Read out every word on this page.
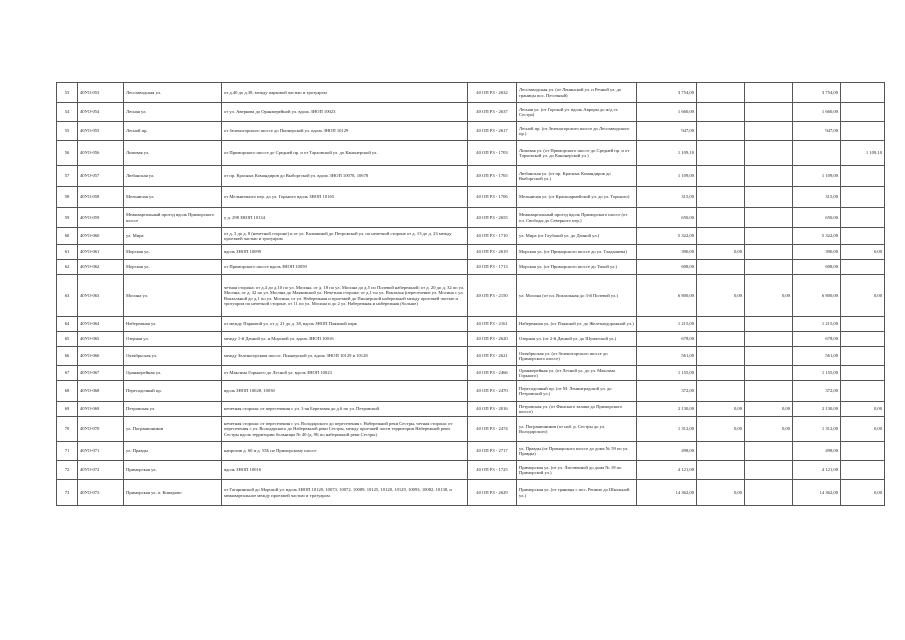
53	40УО-053	Лесозаводская ул.	от д.40 до д.38, между парковой частью и тротуаром	40 ОП РЗ - 2632	Лесозаводская ул. (от Ленинской ул. и Речной ул. до границы пос. Песочный)	3 754,00			3 754,00	
54	40УО-054	Лесная ул.	от ул. Аверкова до Оранжерейной ул. вдоль ЗНОП 10023	40 ОП РЗ - 2637	Лесная ул. (от Горской ул. вдоль Авроры до ж/д ст. Сестра)	1 660,00			1 660,00	
55	40УО-055	Лесной пр.	от Зеленогорского шоссе до Пионерской ул. вдоль ЗНОП 10129	40 ОП РЗ - 2617	Лесной пр. (от Зеленогорского шоссе до Лесозаводского пр.)	947,00			947,00	
56	40УО-056	Липовая ул.	от Приморского шоссе до Средней пр. и от Тарховской ул. до Канонерской ул.	40 ОП РЗ - 1703	Липовая ул. (от Приморского шоссе до Средней пр. и от Тарховской ул. до Канонерской ул.)	1 109,10				1 109,10
57	40УО-057	Любанская ул.	от пр. Красных Командиров до Выборгской ул. вдоль ЗНОП 10078, 10678	40 ОП РЗ - 1765	Любанская ул. (от пр. Красных Командиров до Выборгской ул.)	1 109,00			1 109,00	
58	40УО-058	Мельничая ул.	от Мельничного пер. до ул. Горького вдоль ЗНОП 10165	40 ОП РЗ - 1706	Мельничая ул. (от Красноармейской ул. до ул. Горького)	315,00			315,00	
59	40УО-059	Межквартальный проезд вдоль Приморского шоссе	у д. 298 ЗНОП 10134	40 ОП РЗ - 2655	Межквартальный проезд вдоль Приморского шоссе (от пл. Свободы до Северного пер.)	650,00			650,00	
60	40УО-060	ул. Мира	от д. 3 до д. 8 (нечетной стороне) и от ул. Калининой до Петровской ул. по нечетной стороне от д. 13 до д. 23 между проезжей частью и тротуаром	40 ОП РЗ - 1710	ул. Мира (от Глубокой ул. до Дачной ул.)	5 322,00			5 322,00	
61	40УО-061	Морская ул.	вдоль ЗНОП 10099	40 ОП РЗ - 2619	Морская ул. (от Приморского шоссе до ул. Гладышева)	390,00	0,00		390,00	0,00
62	40УО-062	Морская ул.	от Приморского шоссе вдоль ЗНОП 10059	40 ОП РЗ - 1713	Морская ул. (от Приморского шоссе до Тихой ул.)	608,00			608,00	
63	40УО-063	Мосина ул.	четная сторона: от д.4 до д.10 по ул. Мосина, от д. 18 по ул. Мосина до д.5 по Полевой набережной; от д. 20 до д. 32 по ул. Мосина, от д. 32 по ул. Мосина до Маяковской ул. Нечетная сторона: от д.1 по ул. Вокзалья (пересечение ул. Мосина с ул. Вокзальной до д.1 по ул. Мосина; от ул. Набережная и проезжей до Пионерской набережной между проезжей частью и тротуаром по нечетной стороне. от 11 по ул. Мосина и до 2 ул. Набережная и набережная (больше)	40 ОП РЗ - 2150	ул. Мосина (от пл. Вокзальная до 3-й Полевой ул.)	6 800,00	0,00	0,00	6 800,00	0,00
64	40УО-064	Набережная ул.	от между Парковой ул. от д. 21 до д. 38, вдоль ЗНОП Пляжной парк	40 ОП РЗ - 2161	Набережная ул. (от Пляжной ул. до Железнодорожной ул.)	1 215,00			1 215,00	
65	40УО-065	Озерная ул.	между 1-й Дачной ул. и Морской ул. вдоль ЗНОП 10016	40 ОП РЗ - 2620	Озерная ул. (от 2-й Дачной ул. до Шуматской ул.)	678,00			678,00	
66	40УО-066	Октябрьская ул.	между Зеленогорским шоссе, Пионерской ул. вдоль ЗНОП 10129 и 10128	40 ОП РЗ - 2621	Октябрьская ул. (от Зеленогорского шоссе до Приморского шоссе)	561,00			561,00	
67	40УО-067	Оранжерейная ул.	от Максима Горького до Лесной ул. вдоль ЗНОП 10023	40 ОП РЗ - 2466	Оранжерейная ул. (от Лесной ул. до ул. Максима Горького)	1 155,00			1 155,00	
68	40УО-068	Пересадочный пр.	вдоль ЗНОП 10028, 10030	40 ОП РЗ - 2470	Пересадочный пр. (от М. Ленинградской ул. до Петровской ул.)	372,00			372,00	
69	40УО-069	Петровская ул.	нечетная сторона: от пересечения с ул. 1-ая Березовая до д.6 по ул. Петровской	40 ОП РЗ - 2016	Петровская ул. (от Финского залива до Приморского шоссе)	2 130,00	0,00	0,00	2 130,00	0,00
70	40УО-070	ул. Пограничников	нечетная сторона: от пересечения с ул. Володарского до пересечения с Набережной реки Сестры, четная сторона: от пересечения с ул. Володарского до Набережной реки Сестры, между проезжей части территории Набережной реки Сестры вдоль территории больницы № 40 (д. 9Б по набережной реки Сестры)	40 ОП РЗ - 2474	ул. Пограничников (от наб. р. Сестры до ул. Володарского)	1 312,00	0,00	0,00	1 312,00	0,00
71	40УО-071	ул. Правды	напротив д. 60 и д. 55Б по Приморскому шоссе	40 ОП РЗ - 2717	ул. Правды (от Приморского шоссе до дома № 59 по ул. Правды)	498,00			498,00	
72	40УО-072	Приморская ул.	вдоль ЗНОП 10016	40 ОП РЗ - 1725	Приморская ул. (от ул. Лиственной до дома № 18 по Приморской ул.)	4 121,00			4 121,00	
73	40УО-073	Приморская ул. п. Комарово	от Гагаринской до Морской ул. вдоль ЗНОП 10120, 10073, 10072, 10089, 10125, 10128, 10129, 10093, 10082, 10138, и межквартальное между проезжей частью и тротуаром	40 ОП РЗ - 2629	Приморская ул. (от границы с пос. Репино до Школьной ул.)	14 362,00	0,00		14 362,00	0,00
